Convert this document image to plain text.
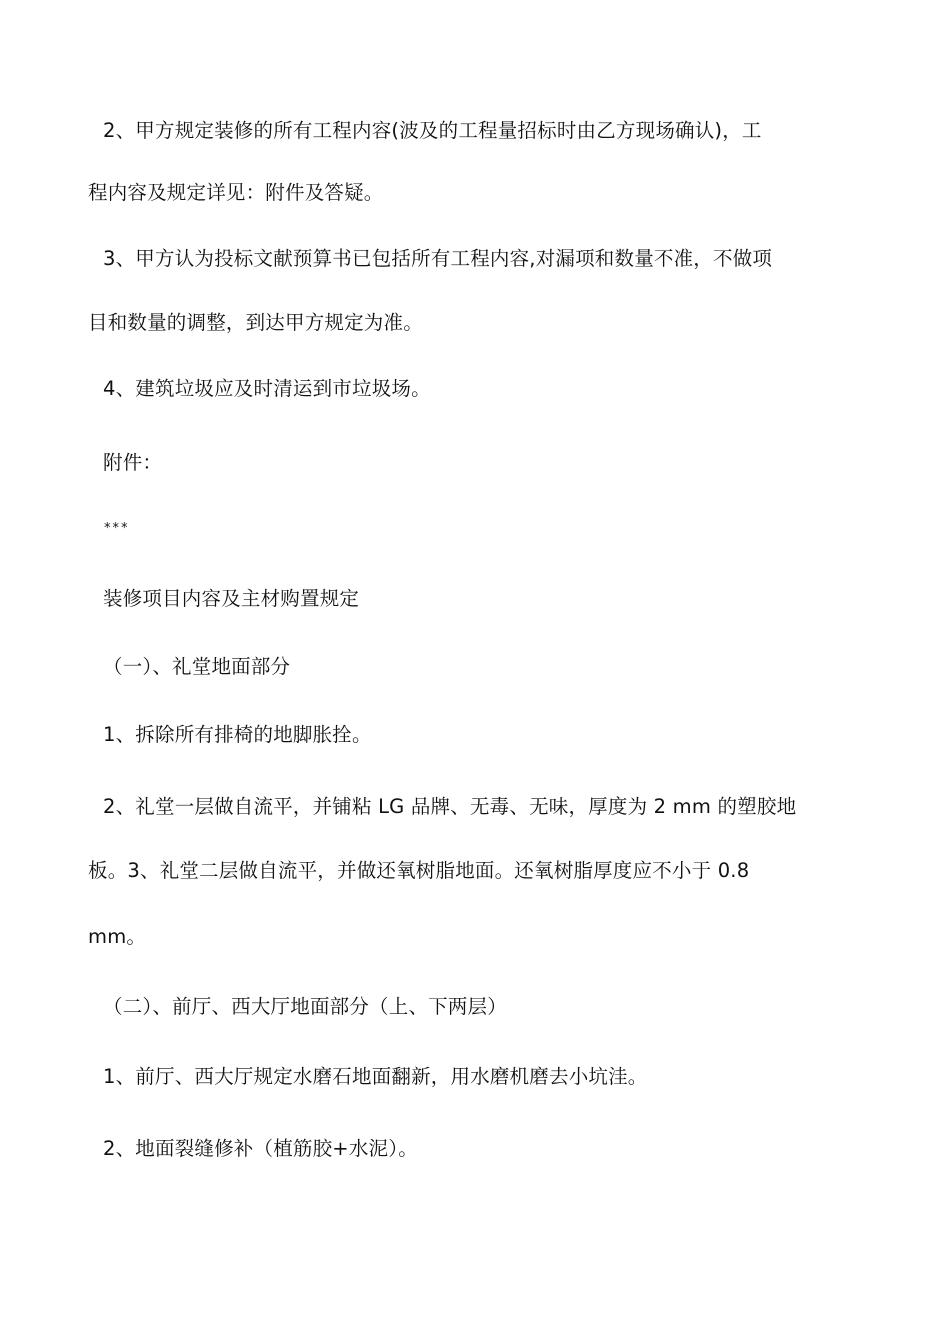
2、甲方规定装修的所有工程内容(波及的工程量招标时由乙方现场确认)，工

程内容及规定详见：附件及答疑。

3、甲方认为投标文献预算书已包括所有工程内容,对漏项和数量不准，不做项

目和数量的调整，到达甲方规定为准。

4、建筑垃圾应及时清运到市垃圾场。

附件：

***

装修项目内容及主材购置规定

（一）、礼堂地面部分

1、拆除所有排椅的地脚胀拴。

2、礼堂一层做自流平，并铺粘 LG 品牌、无毒、无味，厚度为 2 mm 的塑胶地

板。3、礼堂二层做自流平，并做还氧树脂地面。还氧树脂厚度应不小于 0.8

mm。

（二）、前厅、西大厅地面部分（上、下两层）

1、前厅、西大厅规定水磨石地面翻新，用水磨机磨去小坑洼。

2、地面裂缝修补（植筋胶+水泥）。
